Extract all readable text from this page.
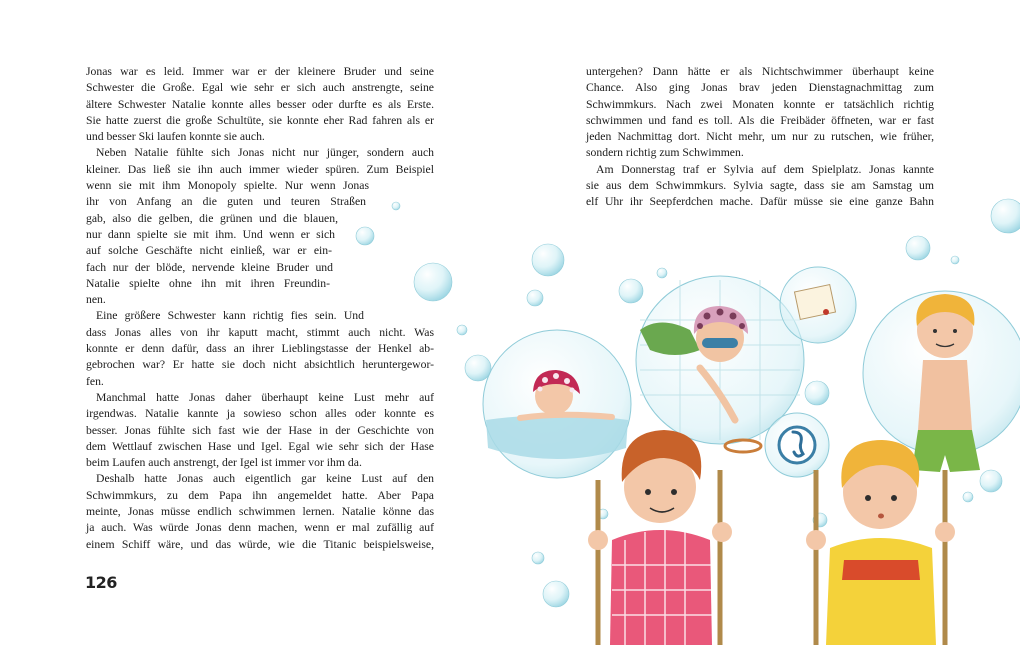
Jonas war es leid. Immer war er der kleinere Bruder und seine
Schwester die Große. Egal wie sehr er sich auch anstrengte, seine
ältere Schwester Natalie konnte alles besser oder durfte es als Erste.
Sie hatte zuerst die große Schultüte, sie konnte eher Rad fahren als er
und besser Ski laufen konnte sie auch.
Neben Natalie fühlte sich Jonas nicht nur jünger, sondern auch
kleiner. Das ließ sie ihn auch immer wieder spüren. Zum Beispiel
wenn sie mit ihm Monopoly spielte. Nur wenn Jonas
ihr von Anfang an die guten und teuren Straßen
gab, also die gelben, die grünen und die blauen,
nur dann spielte sie mit ihm. Und wenn er sich
auf solche Geschäfte nicht einließ, war er ein-
fach nur der blöde, nervende kleine Bruder und
Natalie spielte ohne ihn mit ihren Freundin-
nen.
Eine größere Schwester kann richtig fies sein. Und
dass Jonas alles von ihr kaputt macht, stimmt auch nicht. Was
konnte er denn dafür, dass an ihrer Lieblingstasse der Henkel ab-
gebrochen war? Er hatte sie doch nicht absichtlich heruntergewor-
fen.
Manchmal hatte Jonas daher überhaupt keine Lust mehr auf
irgendwas. Natalie kannte ja sowieso schon alles oder konnte es
besser. Jonas fühlte sich fast wie der Hase in der Geschichte von
dem Wettlauf zwischen Hase und Igel. Egal wie sehr sich der Hase
beim Laufen auch anstrengt, der Igel ist immer vor ihm da.
Deshalb hatte Jonas auch eigentlich gar keine Lust auf den
Schwimmkurs, zu dem Papa ihn angemeldet hatte. Aber Papa
meinte, Jonas müsse endlich schwimmen lernen. Natalie könne das
ja auch. Was würde Jonas denn machen, wenn er mal zufällig auf
einem Schiff wäre, und das würde, wie die Titanic beispielsweise,
untergehen? Dann hätte er als Nichtschwimmer überhaupt keine
Chance. Also ging Jonas brav jeden Dienstagnachmittag zum
Schwimmkurs. Nach zwei Monaten konnte er tatsächlich richtig
schwimmen und fand es toll. Als die Freibäder öffneten, war er fast
jeden Nachmittag dort. Nicht mehr, um nur zu rutschen, wie früher,
sondern richtig zum Schwimmen.
Am Donnerstag traf er Sylvia auf dem Spielplatz. Jonas kannte
sie aus dem Schwimmkurs. Sylvia sagte, dass sie am Samstag um
elf Uhr ihr Seepferdchen mache. Dafür müsse sie eine ganze Bahn
126
